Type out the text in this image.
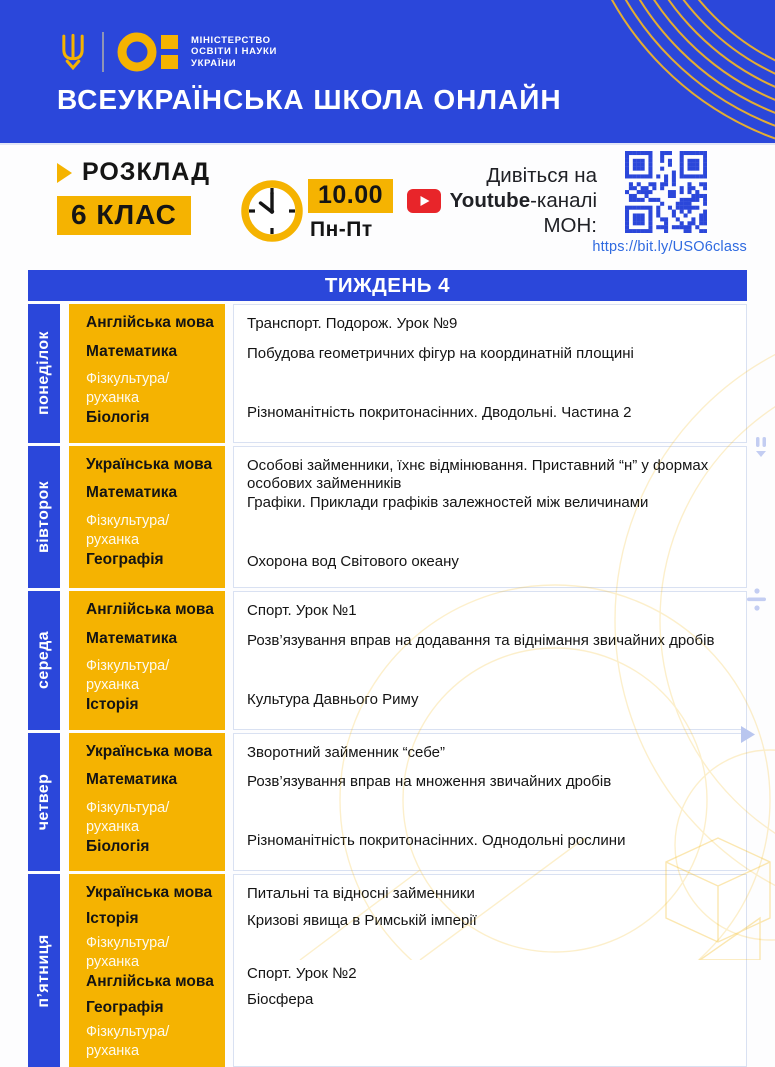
МІНІСТЕРСТВО
ОСВІТИ І НАУКИ
УКРАЇНИ
ВСЕУКРАЇНСЬКА ШКОЛА ОНЛАЙН
РОЗКЛАД
6 КЛАС
10.00
Пн-Пт
Дивіться на
Youtube-каналі
МОН:
https://bit.ly/USO6class
ТИЖДЕНЬ 4
понеділок
Англійська мова
Математика
Фізкультура/руханка
Біологія
Транспорт. Подорож. Урок №9
Побудова геометричних фігур на координатній площині
Різноманітність покритонасінних. Дводольні. Частина 2
вівторок
Українська мова
Математика
Фізкультура/руханка
Географія
Особові займенники, їхнє відмінювання. Приставний “н” у формах особових займенників
Графіки. Приклади графіків залежностей між величинами
Охорона вод Світового океану
середа
Англійська мова
Математика
Фізкультура/руханка
Історія
Спорт. Урок №1
Розв’язування вправ на додавання та віднімання звичайних дробів
Культура Давнього Риму
четвер
Українська мова
Математика
Фізкультура/руханка
Біологія
Зворотний займенник “себе”
Розв’язування вправ на множення звичайних дробів
Різноманітність покритонасінних. Однодольні рослини
п’ятниця
Українська мова
Історія
Фізкультура/руханка
Англійська мова
Географія
Фізкультура/руханка
Питальні та відносні займенники
Кризові явища в Римській імперії
Спорт. Урок №2
Біосфера
